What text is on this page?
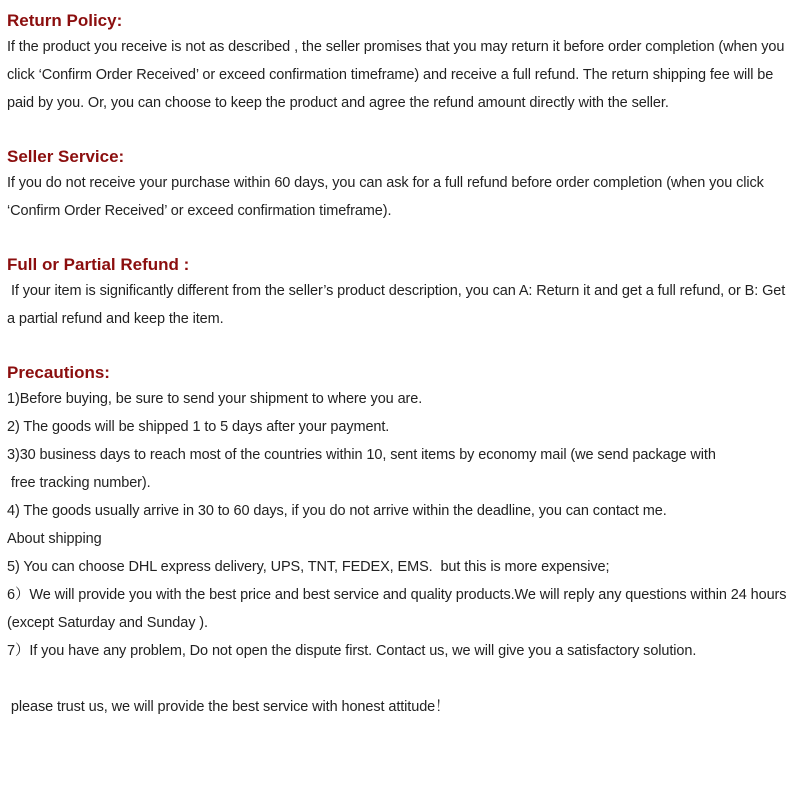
Return Policy:

If the product you receive is not as described , the seller promises that you may return it before order completion (when you click ‘Confirm Order Received’ or exceed confirmation timeframe) and receive a full refund. The return shipping fee will be paid by you. Or, you can choose to keep the product and agree the refund amount directly with the seller.

Seller Service:

If you do not receive your purchase within 60 days, you can ask for a full refund before order completion (when you click ‘Confirm Order Received’ or exceed confirmation timeframe).

Full or Partial Refund :

If your item is significantly different from the seller’s product description, you can A: Return it and get a full refund, or B: Get a partial refund and keep the item.

Precautions:

1)Before buying, be sure to send your shipment to where you are.

2) The goods will be shipped 1 to 5 days after your payment.

3)30 business days to reach most of the countries within 10, sent items by economy mail (we send package with

free tracking number).

4) The goods usually arrive in 30 to 60 days, if you do not arrive within the deadline, you can contact me.

About shipping

5) You can choose DHL express delivery, UPS, TNT, FEDEX, EMS.  but this is more expensive;

6）We will provide you with the best price and best service and quality products.We will reply any questions within 24 hours (except Saturday and Sunday ).

7）If you have any problem, Do not open the dispute first. Contact us, we will give you a satisfactory solution.

please trust us, we will provide the best service with honest attitude！
